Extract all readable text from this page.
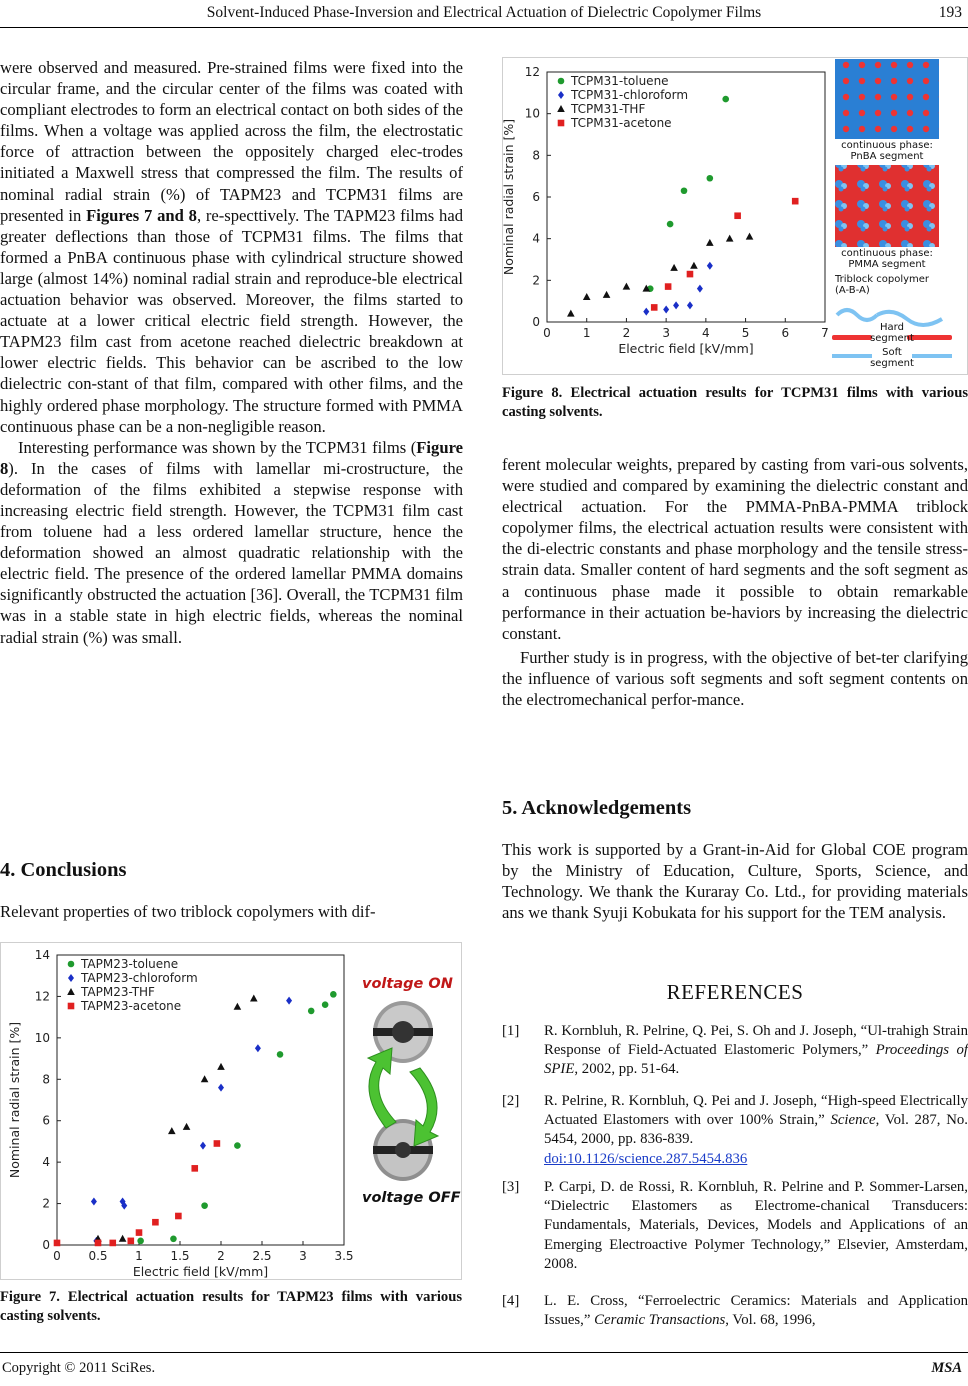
Solvent-Induced Phase-Inversion and Electrical Actuation of Dielectric Copolymer Films	193

were observed and measured. Pre-strained films were fixed into the circular frame, and the circular center of the films was coated with compliant electrodes to form an electrical contact on both sides of the films. When a voltage was applied across the film, the electrostatic force of attraction between the oppositely charged elec-trodes initiated a Maxwell stress that compressed the film. The results of nominal radial strain (%) of TAPM23 and TCPM31 films are presented in Figures 7 and 8, re-specttively. The TAPM23 films had greater deflections than those of TCPM31 films. The films that formed a PnBA continuous phase with cylindrical structure showed large (almost 14%) nominal radial strain and reproduce-ble electrical actuation behavior was observed. Moreover, the films started to actuate at a lower critical electric field strength. However, the TAPM23 film cast from acetone reached dielectric breakdown at lower electric fields. This behavior can be ascribed to the low dielectric con-stant of that film, compared with other films, and the highly ordered phase morphology. The structure formed with PMMA continuous phase can be a non-negligible reason.

Interesting performance was shown by the TCPM31 films (Figure 8). In the cases of films with lamellar mi-crostructure, the deformation of the films exhibited a stepwise response with increasing electric field strength. However, the TCPM31 film cast from toluene had a less ordered lamellar structure, hence the deformation showed an almost quadratic relationship with the electric field. The presence of the ordered lamellar PMMA domains significantly obstructed the actuation [36]. Overall, the TCPM31 film was in a stable state in high electric fields, whereas the nominal radial strain (%) was small.

4. Conclusions
Relevant properties of two triblock copolymers with dif-
voltage ON
voltage OFF
0 0.5 1 1.5 2 2.5 3 3.5
0
2
4
6
8
10
12
14
Electric field [kV/mm]
Nominal radial strain [%]
TAPM23-toluene
TAPM23-chloroform
TAPM23-THF
TAPM23-acetone
Figure 7. Electrical actuation results for TAPM23 films with various casting solvents.
continuous phase:
PnBA segment
continuous phase:
PMMA segment
Triblock copolymer
(A-B-A)
Hard
segment
Soft
segment
0	1	2	3	4	5	6	7
0
2
4
6
8
10
12
Electric field [kV/mm]
Nominal radial strain [%]
TCPM31-toluene
TCPM31-chloroform
TCPM31-THF
TCPM31-acetone
Figure 8. Electrical actuation results for TCPM31 films with various casting solvents.

ferent molecular weights, prepared by casting from vari-ous solvents, were studied and compared by examining the dielectric constant and electrical actuation. For the PMMA-PnBA-PMMA triblock copolymer films, the electrical actuation results were consistent with the di-electric constants and phase morphology and the tensile stress-strain data. Smaller content of hard segments and the soft segment as a continuous phase made it possible to obtain remarkable performance in their actuation be-haviors by increasing the dielectric constant.

Further study is in progress, with the objective of bet-ter clarifying the influence of various soft segments and soft segment contents on the electromechanical perfor-mance.

5. Acknowledgements
This work is supported by a Grant-in-Aid for Global COE program by the Ministry of Education, Culture, Sports, Science, and Technology. We thank the Kuraray Co. Ltd., for providing materials ans we thank Syuji Kobukata for his support for the TEM analysis.
REFERENCES
[1] R. Kornbluh, R. Pelrine, Q. Pei, S. Oh and J. Joseph, “Ul-trahigh Strain Response of Field-Actuated Elastomeric Polymers,” Proceedings of SPIE, 2002, pp. 51-64.
[2] R. Pelrine, R. Kornbluh, Q. Pei and J. Joseph, “High-speed Electrically Actuated Elastomers with over 100% Strain,” Science, Vol. 287, No. 5454, 2000, pp. 836-839.
doi:10.1126/science.287.5454.836
[3] P. Carpi, D. de Rossi, R. Kornbluh, R. Pelrine and P. Sommer-Larsen, “Dielectric Elastomers as Electrome-chanical Transducers: Fundamentals, Materials, Devices, Models and Applications of an Emerging Electroactive Polymer Technology,” Elsevier, Amsterdam, 2008.
[4] L. E. Cross, “Ferroelectric Ceramics: Materials and Application Issues,” Ceramic Transactions, Vol. 68, 1996,
Copyright © 2011 SciRes.	MSA
